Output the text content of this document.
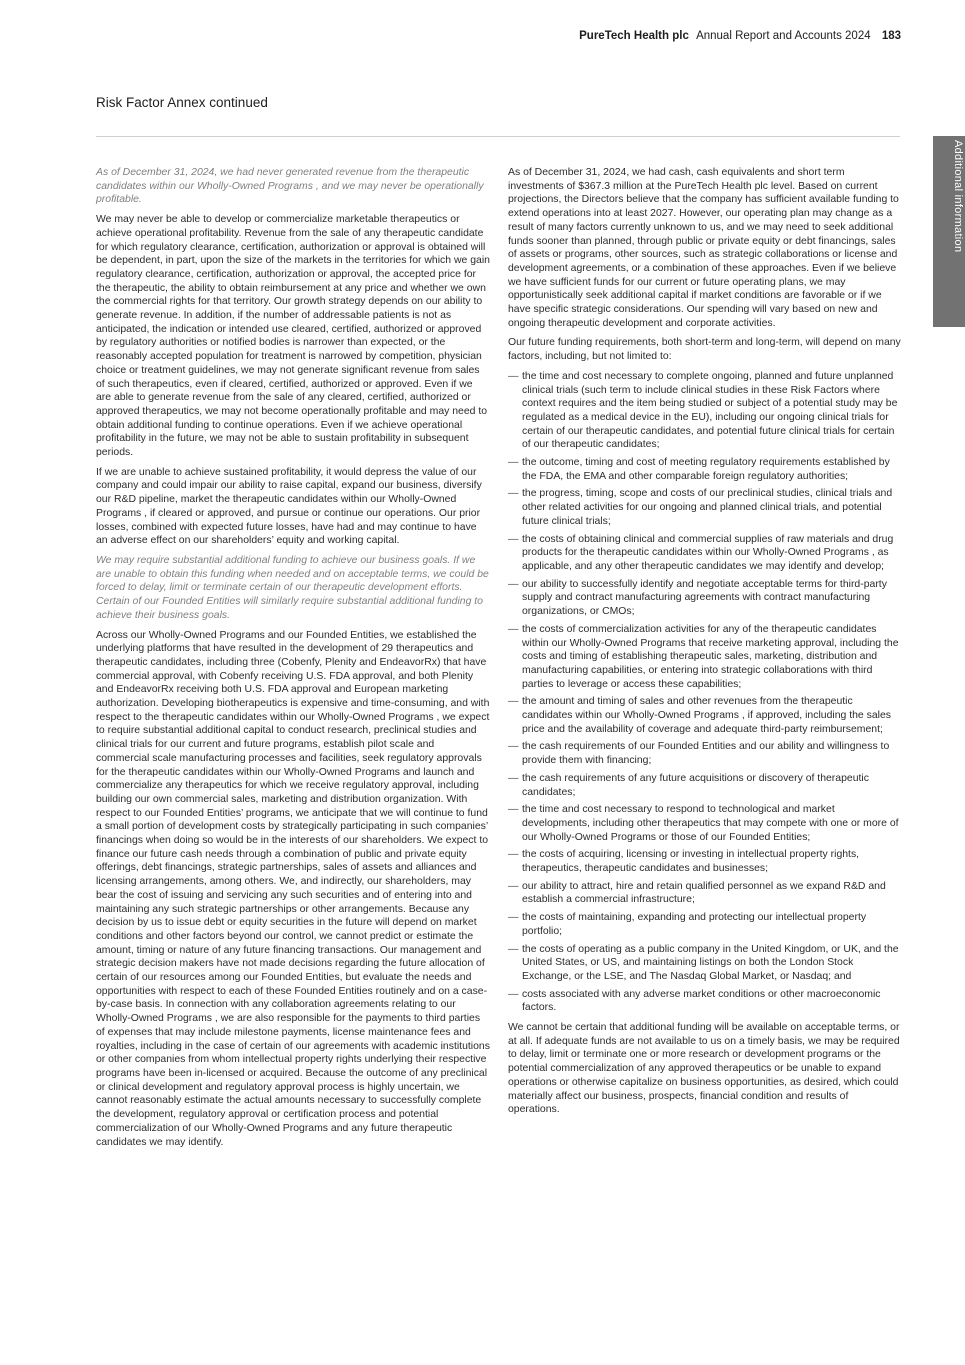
PureTech Health plc Annual Report and Accounts 2024 183
Risk Factor Annex continued
Additional information

As of December 31, 2024, we had never generated revenue from the therapeutic candidates within our Wholly-Owned Programs , and we may never be operationally profitable.

We may never be able to develop or commercialize marketable therapeutics or achieve operational profitability. Revenue from the sale of any therapeutic candidate for which regulatory clearance, certification, authorization or approval is obtained will be dependent, in part, upon the size of the markets in the territories for which we gain regulatory clearance, certification, authorization or approval, the accepted price for the therapeutic, the ability to obtain reimbursement at any price and whether we own the commercial rights for that territory. Our growth strategy depends on our ability to generate revenue. In addition, if the number of addressable patients is not as anticipated, the indication or intended use cleared, certified, authorized or approved by regulatory authorities or notified bodies is narrower than expected, or the reasonably accepted population for treatment is narrowed by competition, physician choice or treatment guidelines, we may not generate significant revenue from sales of such therapeutics, even if cleared, certified, authorized or approved. Even if we are able to generate revenue from the sale of any cleared, certified, authorized or approved therapeutics, we may not become operationally profitable and may need to obtain additional funding to continue operations. Even if we achieve operational profitability in the future, we may not be able to sustain profitability in subsequent periods.

If we are unable to achieve sustained profitability, it would depress the value of our company and could impair our ability to raise capital, expand our business, diversify our R&D pipeline, market the therapeutic candidates within our Wholly-Owned Programs , if cleared or approved, and pursue or continue our operations. Our prior losses, combined with expected future losses, have had and may continue to have an adverse effect on our shareholders’ equity and working capital.

We may require substantial additional funding to achieve our business goals. If we are unable to obtain this funding when needed and on acceptable terms, we could be forced to delay, limit or terminate certain of our therapeutic development efforts. Certain of our Founded Entities will similarly require substantial additional funding to achieve their business goals.

Across our Wholly-Owned Programs and our Founded Entities, we established the underlying platforms that have resulted in the development of 29 therapeutics and therapeutic candidates, including three (Cobenfy, Plenity and EndeavorRx) that have commercial approval, with Cobenfy receiving U.S. FDA approval, and both Plenity and EndeavorRx receiving both U.S. FDA approval and European marketing authorization. Developing biotherapeutics is expensive and time-consuming, and with respect to the therapeutic candidates within our Wholly-Owned Programs , we expect to require substantial additional capital to conduct research, preclinical studies and clinical trials for our current and future programs, establish pilot scale and commercial scale manufacturing processes and facilities, seek regulatory approvals for the therapeutic candidates within our Wholly-Owned Programs and launch and commercialize any therapeutics for which we receive regulatory approval, including building our own commercial sales, marketing and distribution organization. With respect to our Founded Entities’ programs, we anticipate that we will continue to fund a small portion of development costs by strategically participating in such companies’ financings when doing so would be in the interests of our shareholders. We expect to finance our future cash needs through a combination of public and private equity offerings, debt financings, strategic partnerships, sales of assets and alliances and licensing arrangements, among others. We, and indirectly, our shareholders, may bear the cost of issuing and servicing any such securities and of entering into and maintaining any such strategic partnerships or other arrangements. Because any decision by us to issue debt or equity securities in the future will depend on market conditions and other factors beyond our control, we cannot predict or estimate the amount, timing or nature of any future financing transactions. Our management and strategic decision makers have not made decisions regarding the future allocation of certain of our resources among our Founded Entities, but evaluate the needs and opportunities with respect to each of these Founded Entities routinely and on a case-by-case basis. In connection with any collaboration agreements relating to our Wholly-Owned Programs , we are also responsible for the payments to third parties of expenses that may include milestone payments, license maintenance fees and royalties, including in the case of certain of our agreements with academic institutions or other companies from whom intellectual property rights underlying their respective programs have been in-licensed or acquired. Because the outcome of any preclinical or clinical development and regulatory approval process is highly uncertain, we cannot reasonably estimate the actual amounts necessary to successfully complete the development, regulatory approval or certification process and potential commercialization of our Wholly-Owned Programs and any future therapeutic candidates we may identify.

As of December 31, 2024, we had cash, cash equivalents and short term investments of $367.3 million at the PureTech Health plc level. Based on current projections, the Directors believe that the company has sufficient available funding to extend operations into at least 2027. However, our operating plan may change as a result of many factors currently unknown to us, and we may need to seek additional funds sooner than planned, through public or private equity or debt financings, sales of assets or programs, other sources, such as strategic collaborations or license and development agreements, or a combination of these approaches. Even if we believe we have sufficient funds for our current or future operating plans, we may opportunistically seek additional capital if market conditions are favorable or if we have specific strategic considerations. Our spending will vary based on new and ongoing therapeutic development and corporate activities.

Our future funding requirements, both short-term and long-term, will depend on many factors, including, but not limited to:

— the time and cost necessary to complete ongoing, planned and future unplanned clinical trials (such term to include clinical studies in these Risk Factors where context requires and the item being studied or subject of a potential study may be regulated as a medical device in the EU), including our ongoing clinical trials for certain of our therapeutic candidates, and potential future clinical trials for certain of our therapeutic candidates;
— the outcome, timing and cost of meeting regulatory requirements established by the FDA, the EMA and other comparable foreign regulatory authorities;
— the progress, timing, scope and costs of our preclinical studies, clinical trials and other related activities for our ongoing and planned clinical trials, and potential future clinical trials;
— the costs of obtaining clinical and commercial supplies of raw materials and drug products for the therapeutic candidates within our Wholly-Owned Programs , as applicable, and any other therapeutic candidates we may identify and develop;
— our ability to successfully identify and negotiate acceptable terms for third-party supply and contract manufacturing agreements with contract manufacturing organizations, or CMOs;
— the costs of commercialization activities for any of the therapeutic candidates within our Wholly-Owned Programs that receive marketing approval, including the costs and timing of establishing therapeutic sales, marketing, distribution and manufacturing capabilities, or entering into strategic collaborations with third parties to leverage or access these capabilities;
— the amount and timing of sales and other revenues from the therapeutic candidates within our Wholly-Owned Programs , if approved, including the sales price and the availability of coverage and adequate third-party reimbursement;
— the cash requirements of our Founded Entities and our ability and willingness to provide them with financing;
— the cash requirements of any future acquisitions or discovery of therapeutic candidates;
— the time and cost necessary to respond to technological and market developments, including other therapeutics that may compete with one or more of our Wholly-Owned Programs or those of our Founded Entities;
— the costs of acquiring, licensing or investing in intellectual property rights, therapeutics, therapeutic candidates and businesses;
— our ability to attract, hire and retain qualified personnel as we expand R&D and establish a commercial infrastructure;
— the costs of maintaining, expanding and protecting our intellectual property portfolio;
— the costs of operating as a public company in the United Kingdom, or UK, and the United States, or US, and maintaining listings on both the London Stock Exchange, or the LSE, and The Nasdaq Global Market, or Nasdaq; and
— costs associated with any adverse market conditions or other macroeconomic factors.

We cannot be certain that additional funding will be available on acceptable terms, or at all. If adequate funds are not available to us on a timely basis, we may be required to delay, limit or terminate one or more research or development programs or the potential commercialization of any approved therapeutics or be unable to expand operations or otherwise capitalize on business opportunities, as desired, which could materially affect our business, prospects, financial condition and results of operations.
